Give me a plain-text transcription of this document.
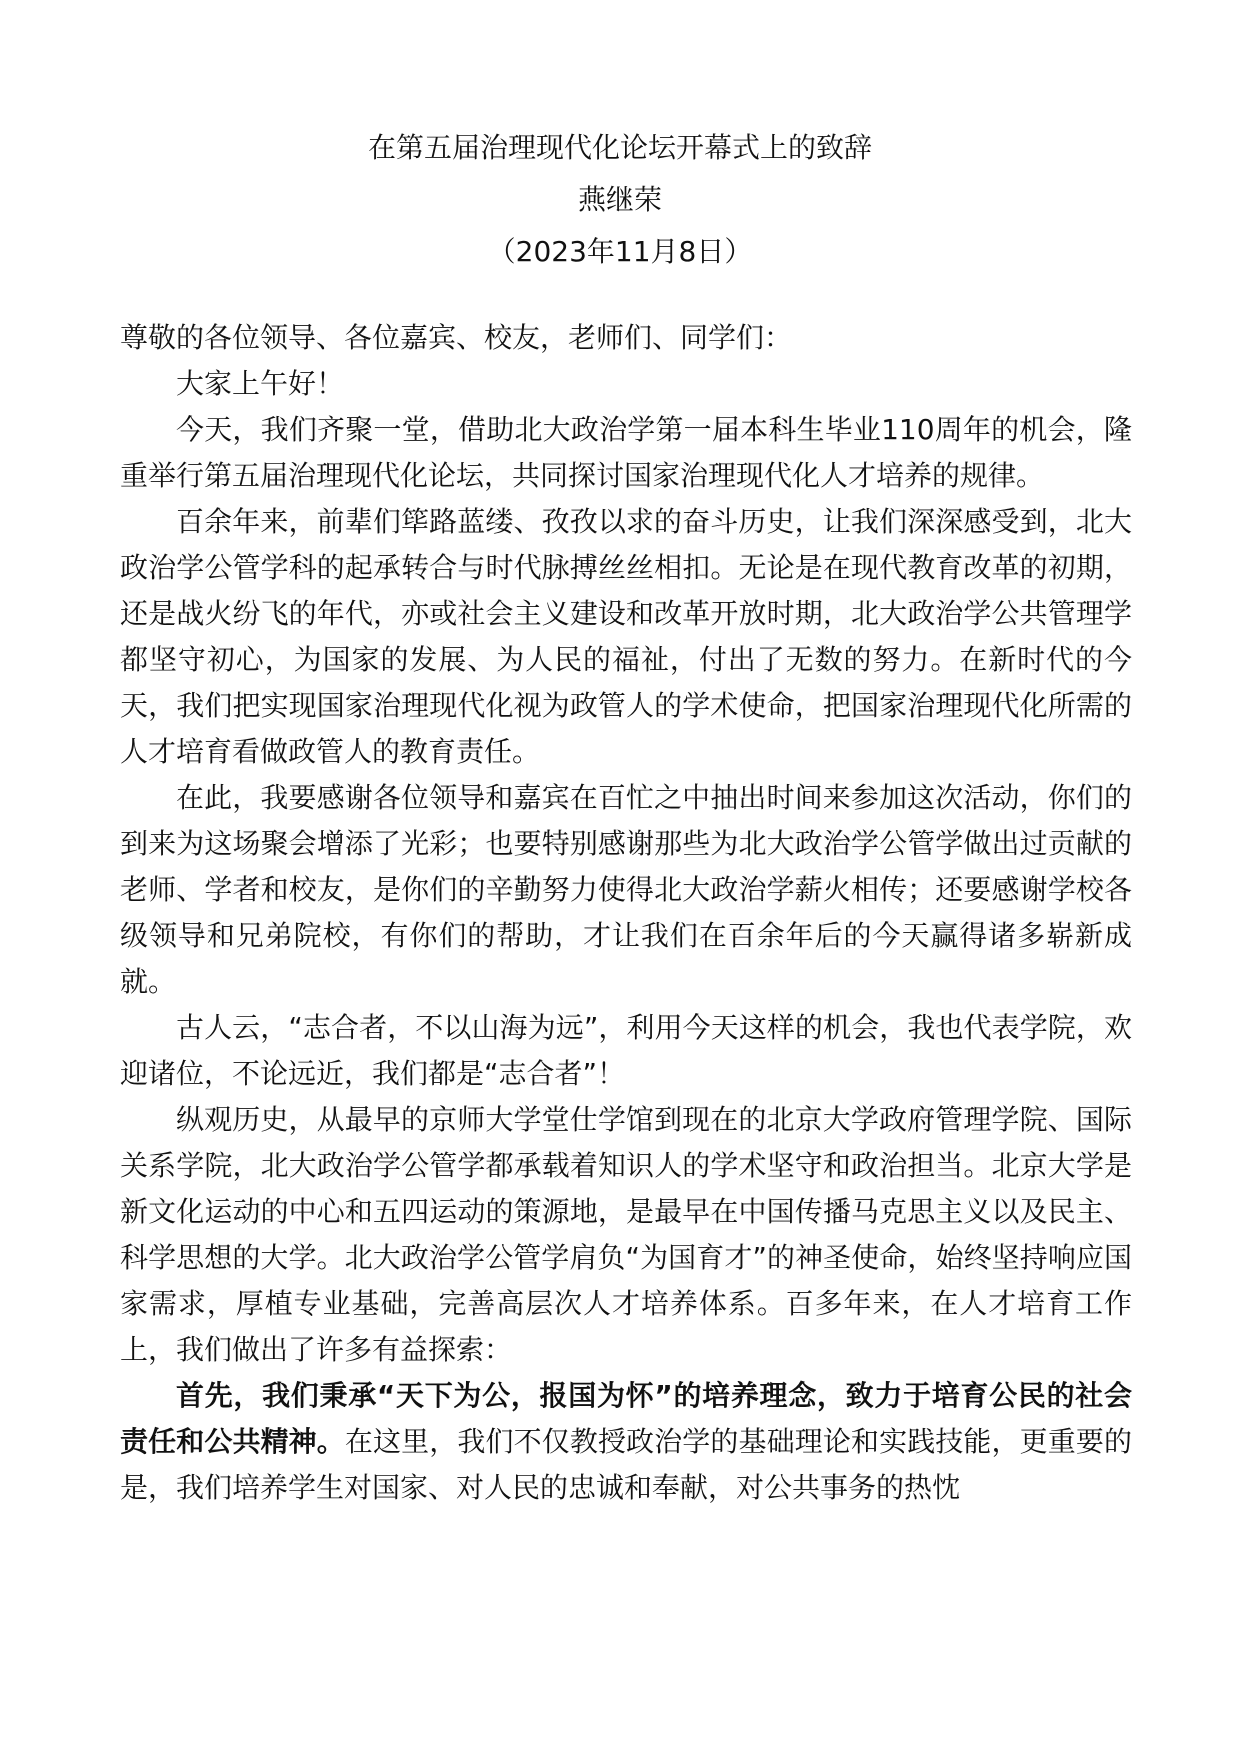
在第五届治理现代化论坛开幕式上的致辞
燕继荣
（2023年11月8日）

尊敬的各位领导、各位嘉宾、校友，老师们、同学们：

大家上午好！

今天，我们齐聚一堂，借助北大政治学第一届本科生毕业110周年的机会，隆重举行第五届治理现代化论坛，共同探讨国家治理现代化人才培养的规律。

百余年来，前辈们筚路蓝缕、孜孜以求的奋斗历史，让我们深深感受到，北大政治学公管学科的起承转合与时代脉搏丝丝相扣。无论是在现代教育改革的初期，还是战火纷飞的年代，亦或社会主义建设和改革开放时期，北大政治学公共管理学都坚守初心，为国家的发展、为人民的福祉，付出了无数的努力。在新时代的今天，我们把实现国家治理现代化视为政管人的学术使命，把国家治理现代化所需的人才培育看做政管人的教育责任。

在此，我要感谢各位领导和嘉宾在百忙之中抽出时间来参加这次活动，你们的到来为这场聚会增添了光彩；也要特别感谢那些为北大政治学公管学做出过贡献的老师、学者和校友，是你们的辛勤努力使得北大政治学薪火相传；还要感谢学校各级领导和兄弟院校，有你们的帮助，才让我们在百余年后的今天赢得诸多崭新成就。

古人云，“志合者，不以山海为远”，利用今天这样的机会，我也代表学院，欢迎诸位，不论远近，我们都是“志合者”！

纵观历史，从最早的京师大学堂仕学馆到现在的北京大学政府管理学院、国际关系学院，北大政治学公管学都承载着知识人的学术坚守和政治担当。北京大学是新文化运动的中心和五四运动的策源地，是最早在中国传播马克思主义以及民主、科学思想的大学。北大政治学公管学肩负“为国育才”的神圣使命，始终坚持响应国家需求，厚植专业基础，完善高层次人才培养体系。百多年来，在人才培育工作上，我们做出了许多有益探索：

首先，我们秉承“天下为公，报国为怀”的培养理念，致力于培育公民的社会责任和公共精神。在这里，我们不仅教授政治学的基础理论和实践技能，更重要的是，我们培养学生对国家、对人民的忠诚和奉献，对公共事务的热忱
